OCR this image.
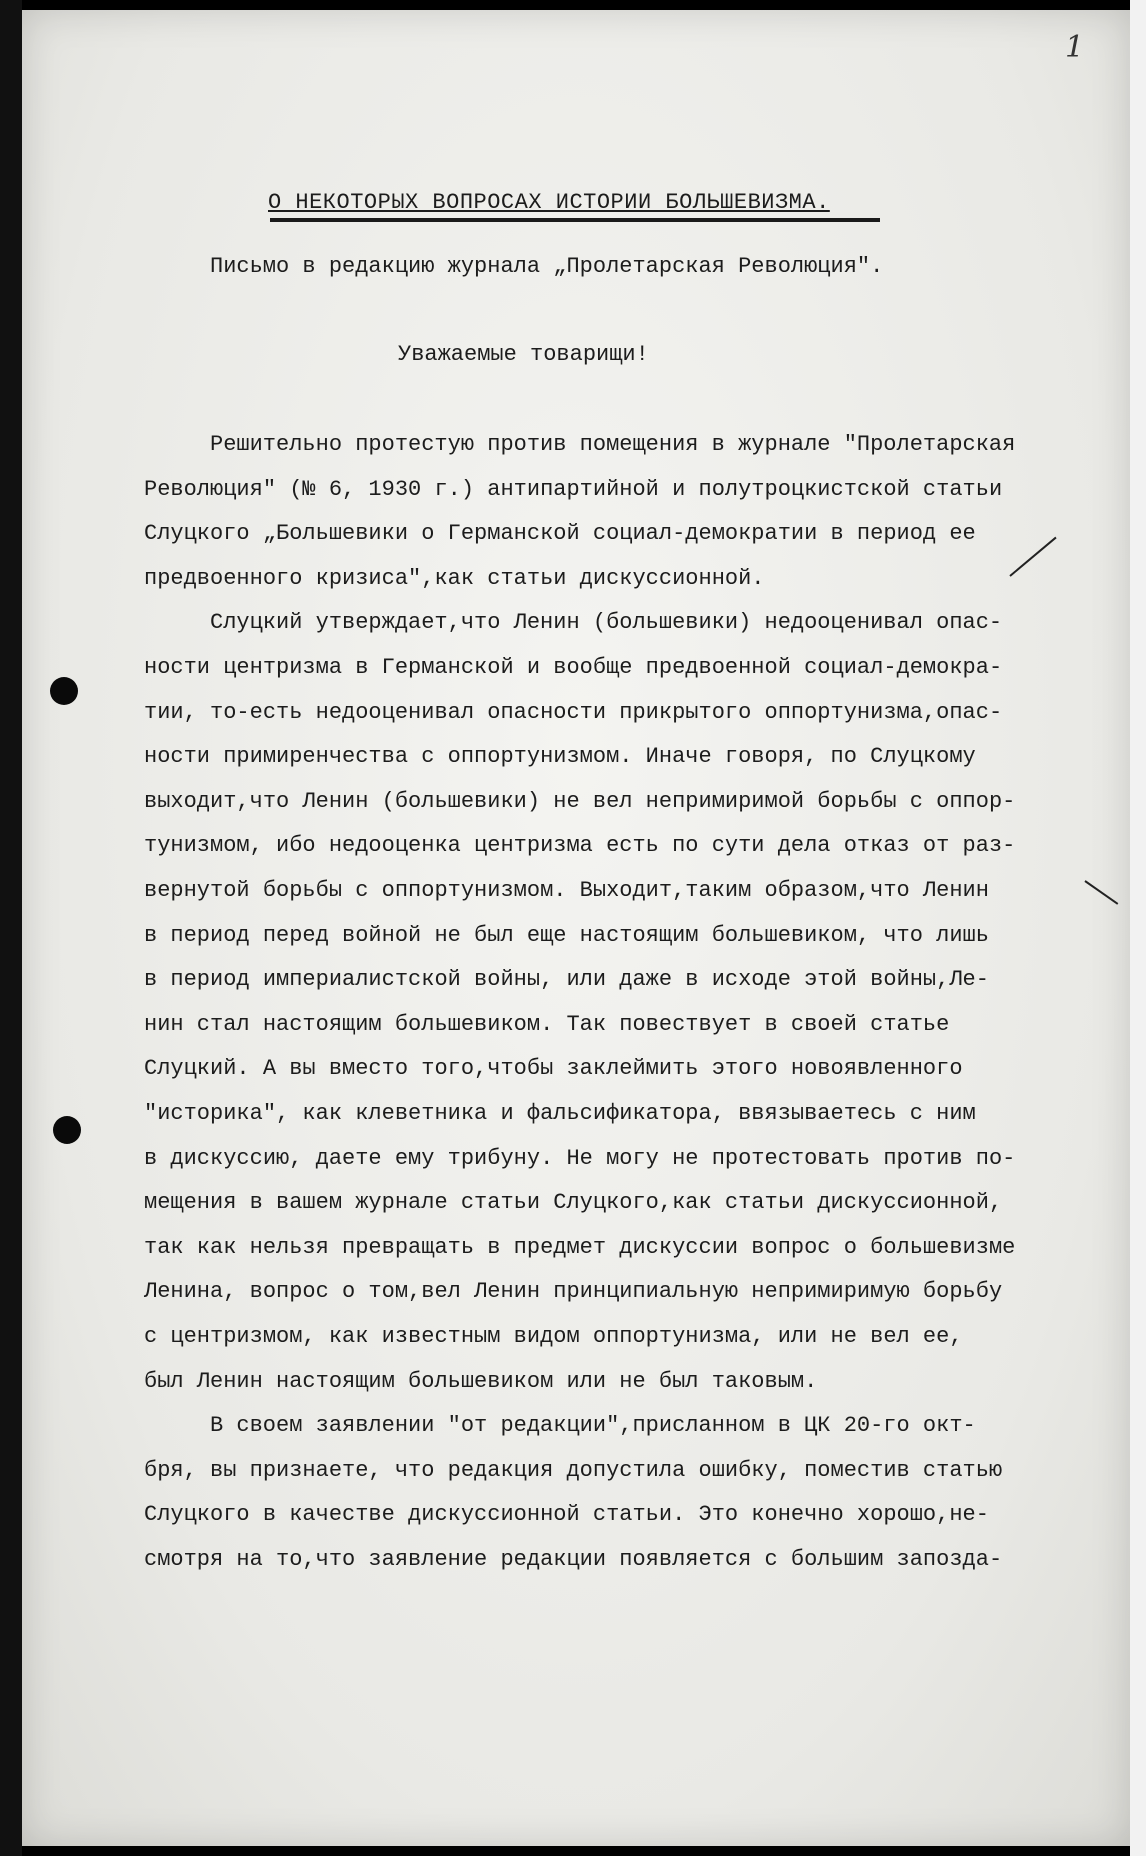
1
О НЕКОТОРЫХ ВОПРОСАХ ИСТОРИИ БОЛЬШЕВИЗМА.
Письмо в редакцию журнала „Пролетарская Революция".
Уважаемые товарищи!
Решительно протестую против помещения в журнале "Пролетарская
Революция" (№ 6, 1930 г.) антипартийной и полутроцкистской статьи
Слуцкого „Большевики о Германской социал-демократии в период ее
предвоенного кризиса",как статьи дискуссионной.
Слуцкий утверждает,что Ленин (большевики) недооценивал опас-
ности центризма в Германской и вообще предвоенной социал-демокра-
тии, то-есть недооценивал опасности прикрытого оппортунизма,опас-
ности примиренчества с оппортунизмом. Иначе говоря, по Слуцкому
выходит,что Ленин (большевики) не вел непримиримой борьбы с оппор-
тунизмом, ибо недооценка центризма есть по сути дела отказ от раз-
вернутой борьбы с оппортунизмом. Выходит,таким образом,что Ленин
в период перед войной не был еще настоящим большевиком, что лишь
в период империалистской войны, или даже в исходе этой войны,Ле-
нин стал настоящим большевиком. Так повествует в своей статье
Слуцкий. А вы вместо того,чтобы заклеймить этого новоявленного
"историка", как клеветника и фальсификатора, ввязываетесь с ним
в дискуссию, даете ему трибуну. Не могу не протестовать против по-
мещения в вашем журнале статьи Слуцкого,как статьи дискуссионной,
так как нельзя превращать в предмет дискуссии вопрос о большевизме
Ленина, вопрос о том,вел Ленин принципиальную непримиримую борьбу
с центризмом, как известным видом оппортунизма, или не вел ее,
был Ленин настоящим большевиком или не был таковым.
В своем заявлении "от редакции",присланном в ЦК 20-го окт-
бря, вы признаете, что редакция допустила ошибку, поместив статью
Слуцкого в качестве дискуссионной статьи. Это конечно хорошо,не-
смотря на то,что заявление редакции появляется с большим запозда-
